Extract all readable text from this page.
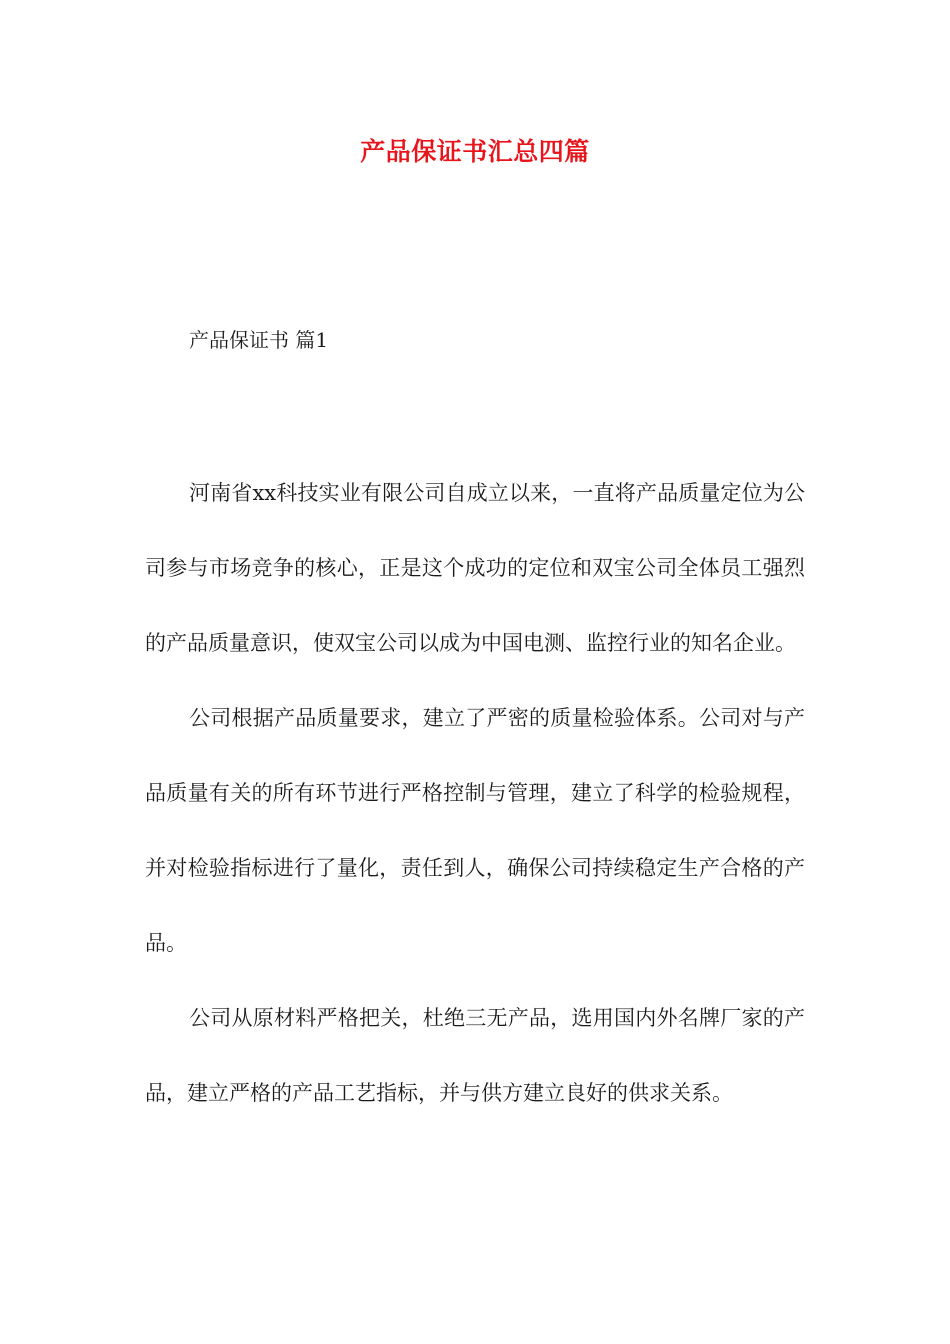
产品保证书汇总四篇
产品保证书 篇1

河南省xx科技实业有限公司自成立以来，一直将产品质量定位为公司参与市场竞争的核心，正是这个成功的定位和双宝公司全体员工强烈的产品质量意识，使双宝公司以成为中国电测、监控行业的知名企业。

公司根据产品质量要求，建立了严密的质量检验体系。公司对与产品质量有关的所有环节进行严格控制与管理，建立了科学的检验规程，并对检验指标进行了量化，责任到人，确保公司持续稳定生产合格的产品。

公司从原材料严格把关，杜绝三无产品，选用国内外名牌厂家的产品，建立严格的产品工艺指标，并与供方建立良好的供求关系。
